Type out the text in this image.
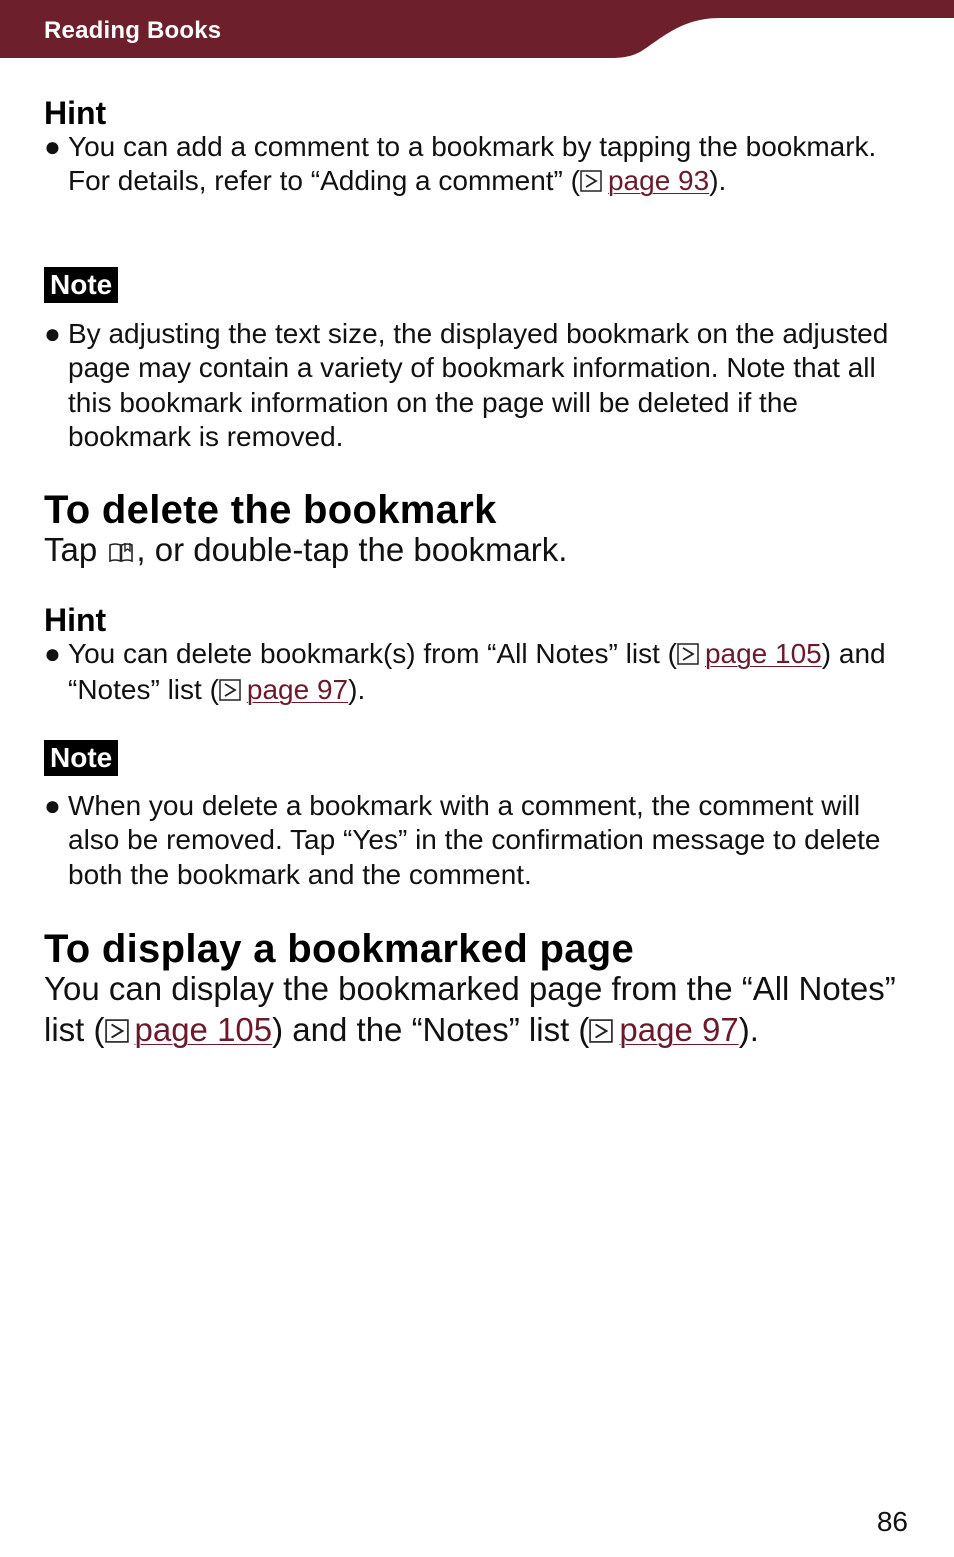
Reading Books
Hint
● You can add a comment to a bookmark by tapping the bookmark. For details, refer to “Adding a comment” ( page 93).
Note
● By adjusting the text size, the displayed bookmark on the adjusted page may contain a variety of bookmark information. Note that all this bookmark information on the page will be deleted if the bookmark is removed.
To delete the bookmark
Tap , or double-tap the bookmark.
Hint
● You can delete bookmark(s) from “All Notes” list ( page 105) and “Notes” list ( page 97).
Note
● When you delete a bookmark with a comment, the comment will also be removed. Tap “Yes” in the confirmation message to delete both the bookmark and the comment.
To display a bookmarked page
You can display the bookmarked page from the “All Notes” list ( page 105) and the “Notes” list ( page 97).
86
